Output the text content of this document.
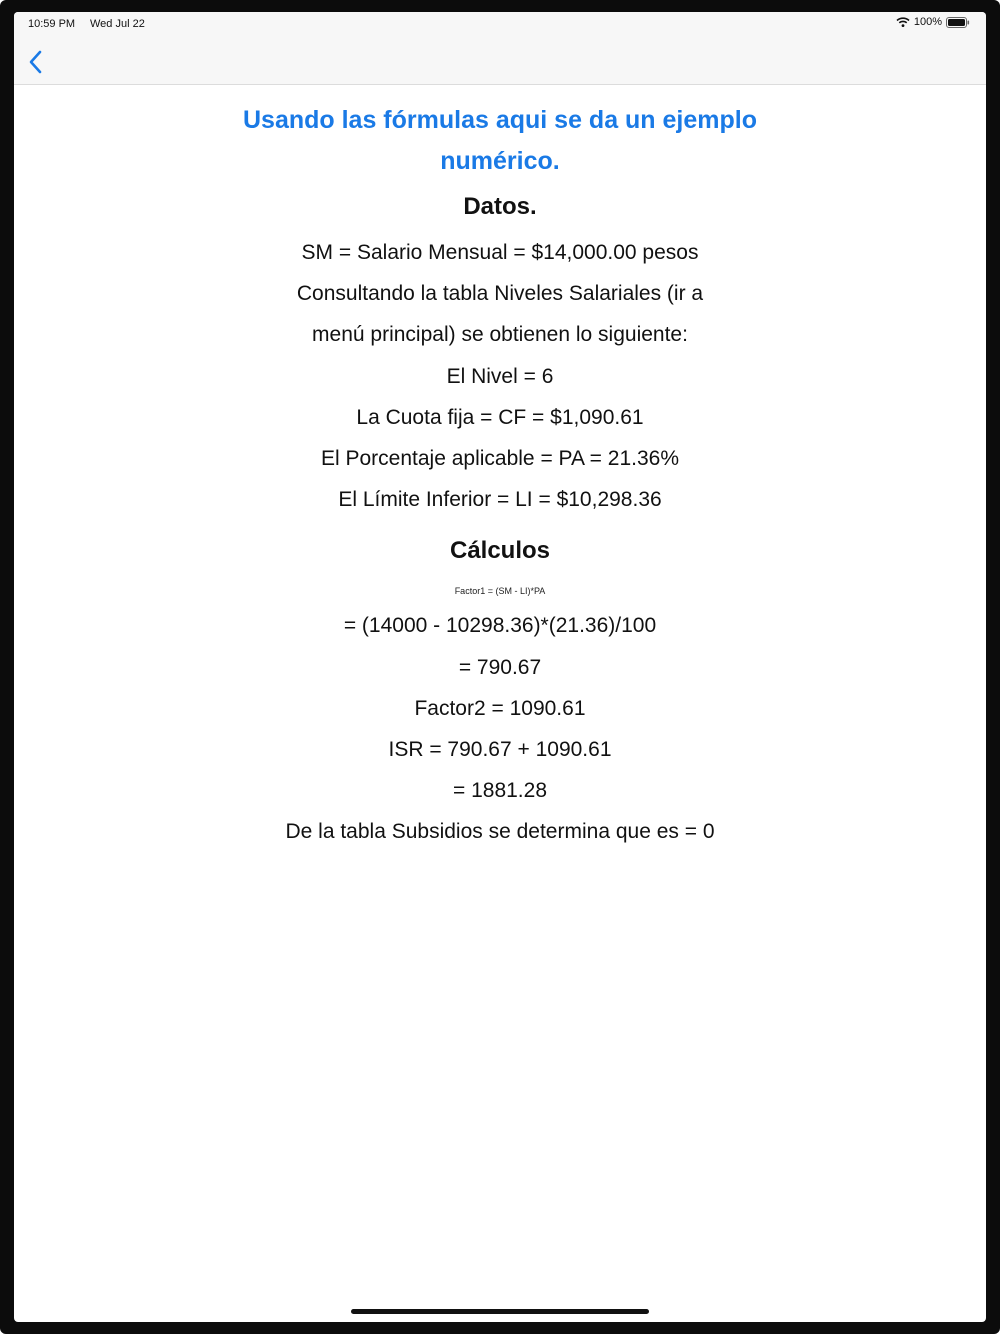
10:59 PM Wed Jul 22	100%

Usando las fórmulas aqui se da un ejemplo numérico.

Datos.

SM = Salario Mensual = $14,000.00 pesos

Consultando la tabla Niveles Salariales (ir a

menú principal) se obtienen lo siguiente:

El Nivel = 6

La Cuota fija = CF = $1,090.61

El Porcentaje aplicable = PA = 21.36%

El Límite Inferior = LI = $10,298.36

Cálculos

Factor1 = (SM - LI)*PA

= (14000 - 10298.36)*(21.36)/100

= 790.67

Factor2 = 1090.61

ISR = 790.67 + 1090.61

= 1881.28

De la tabla Subsidios se determina que es = 0
